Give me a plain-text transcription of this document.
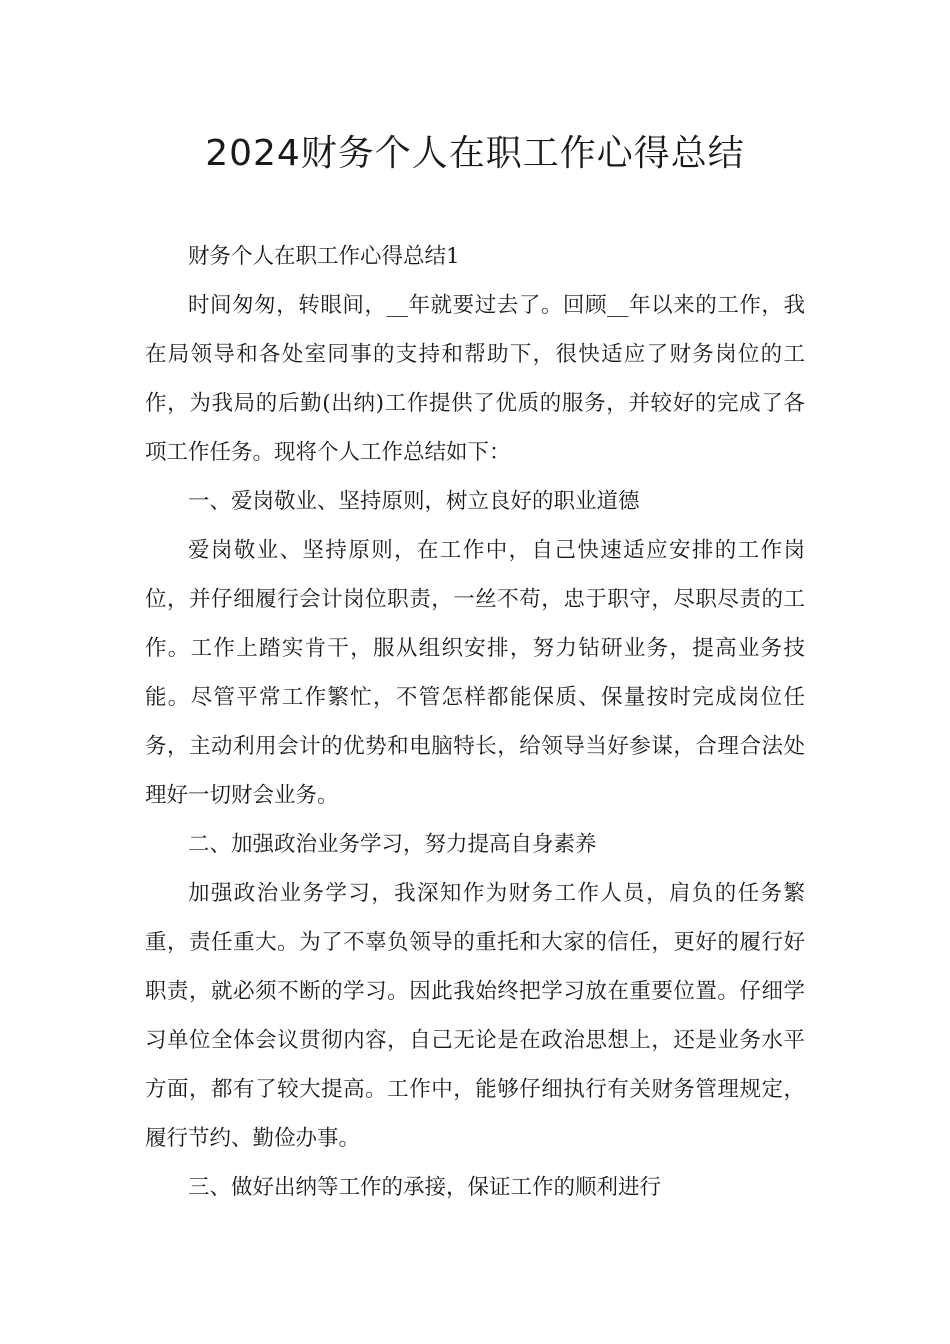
2024财务个人在职工作心得总结

财务个人在职工作心得总结1

时间匆匆，转眼间，__年就要过去了。回顾__年以来的工作，我在局领导和各处室同事的支持和帮助下，很快适应了财务岗位的工作，为我局的后勤(出纳)工作提供了优质的服务，并较好的完成了各项工作任务。现将个人工作总结如下：

一、爱岗敬业、坚持原则，树立良好的职业道德

爱岗敬业、坚持原则，在工作中，自己快速适应安排的工作岗位，并仔细履行会计岗位职责，一丝不苟，忠于职守，尽职尽责的工作。工作上踏实肯干，服从组织安排，努力钻研业务，提高业务技能。尽管平常工作繁忙，不管怎样都能保质、保量按时完成岗位任务，主动利用会计的优势和电脑特长，给领导当好参谋，合理合法处理好一切财会业务。

二、加强政治业务学习，努力提高自身素养

加强政治业务学习，我深知作为财务工作人员，肩负的任务繁重，责任重大。为了不辜负领导的重托和大家的信任，更好的履行好职责，就必须不断的学习。因此我始终把学习放在重要位置。仔细学习单位全体会议贯彻内容，自己无论是在政治思想上，还是业务水平方面，都有了较大提高。工作中，能够仔细执行有关财务管理规定，履行节约、勤俭办事。

三、做好出纳等工作的承接，保证工作的顺利进行
